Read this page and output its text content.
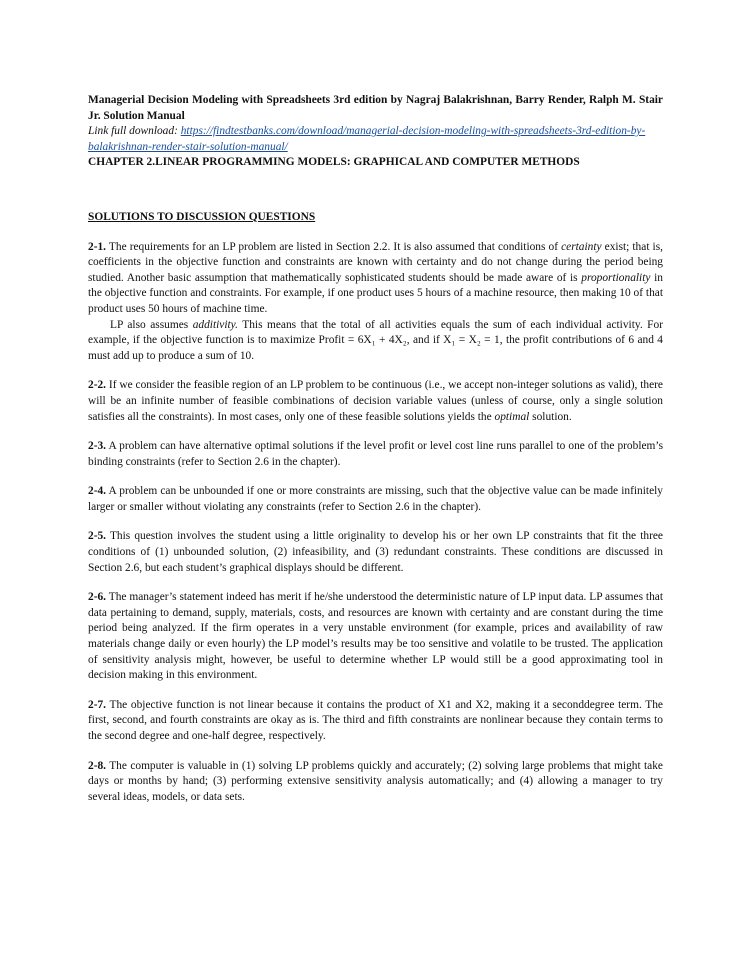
Managerial Decision Modeling with Spreadsheets 3rd edition by Nagraj Balakrishnan, Barry Render, Ralph M. Stair Jr. Solution Manual

Link full download: https://findtestbanks.com/download/managerial-decision-modeling-with-spreadsheets-3rd-edition-by-balakrishnan-render-stair-solution-manual/

CHAPTER 2.LINEAR PROGRAMMING MODELS: GRAPHICAL AND COMPUTER METHODS

SOLUTIONS TO DISCUSSION QUESTIONS

2-1. The requirements for an LP problem are listed in Section 2.2. It is also assumed that conditions of certainty exist; that is, coefficients in the objective function and constraints are known with certainty and do not change during the period being studied. Another basic assumption that mathematically sophisticated students should be made aware of is proportionality in the objective function and constraints. For example, if one product uses 5 hours of a machine resource, then making 10 of that product uses 50 hours of machine time.

LP also assumes additivity. This means that the total of all activities equals the sum of each individual activity. For example, if the objective function is to maximize Profit = 6X₁ + 4X₂, and if X₁ = X₂ = 1, the profit contributions of 6 and 4 must add up to produce a sum of 10.

2-2. If we consider the feasible region of an LP problem to be continuous (i.e., we accept non-integer solutions as valid), there will be an infinite number of feasible combinations of decision variable values (unless of course, only a single solution satisfies all the constraints). In most cases, only one of these feasible solutions yields the optimal solution.

2-3. A problem can have alternative optimal solutions if the level profit or level cost line runs parallel to one of the problem’s binding constraints (refer to Section 2.6 in the chapter).

2-4. A problem can be unbounded if one or more constraints are missing, such that the objective value can be made infinitely larger or smaller without violating any constraints (refer to Section 2.6 in the chapter).

2-5. This question involves the student using a little originality to develop his or her own LP constraints that fit the three conditions of (1) unbounded solution, (2) infeasibility, and (3) redundant constraints. These conditions are discussed in Section 2.6, but each student’s graphical displays should be different.

2-6. The manager’s statement indeed has merit if he/she understood the deterministic nature of LP input data. LP assumes that data pertaining to demand, supply, materials, costs, and resources are known with certainty and are constant during the time period being analyzed. If the firm operates in a very unstable environment (for example, prices and availability of raw materials change daily or even hourly) the LP model’s results may be too sensitive and volatile to be trusted. The application of sensitivity analysis might, however, be useful to determine whether LP would still be a good approximating tool in decision making in this environment.

2-7. The objective function is not linear because it contains the product of X1 and X2, making it a seconddegree term. The first, second, and fourth constraints are okay as is. The third and fifth constraints are nonlinear because they contain terms to the second degree and one-half degree, respectively.

2-8. The computer is valuable in (1) solving LP problems quickly and accurately; (2) solving large problems that might take days or months by hand; (3) performing extensive sensitivity analysis automatically; and (4) allowing a manager to try several ideas, models, or data sets.
